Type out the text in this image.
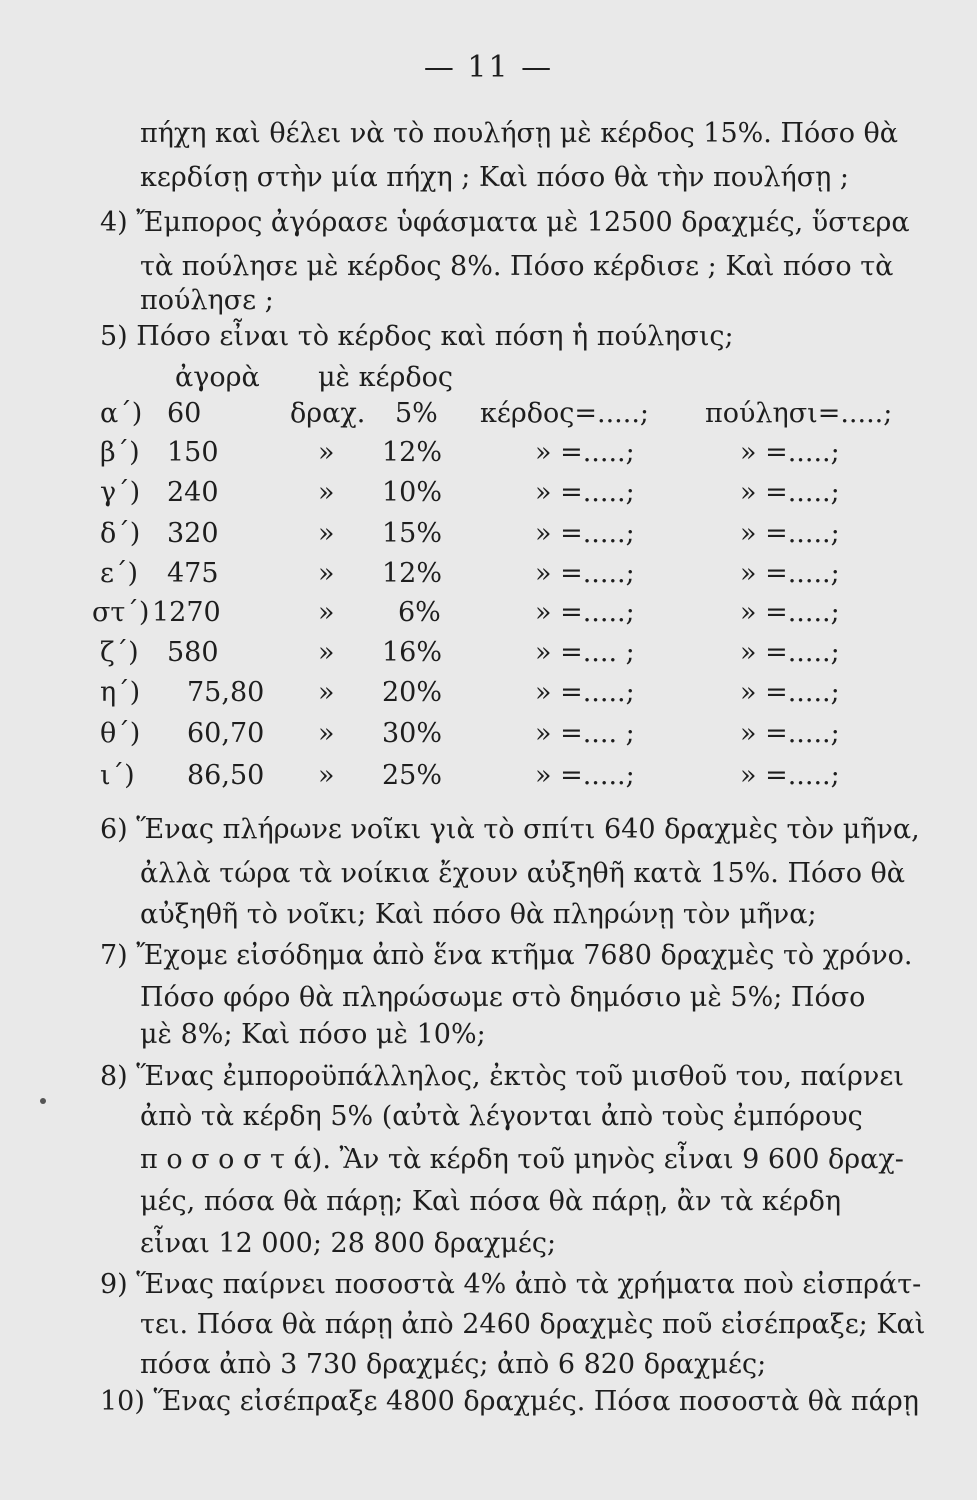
— 11 —
πήχη καὶ θέλει νὰ τὸ πουλήσῃ μὲ κέρδος 15%. Πόσο θὰ
κερδίσῃ στὴν μία πήχη ; Καὶ πόσο θὰ τὴν πουλήσῃ ;
4) Ἔμπορος ἀγόρασε ὑφάσματα μὲ 12500 δραχμές, ὕστερα
τὰ πούλησε μὲ κέρδος 8%. Πόσο κέρδισε ; Καὶ πόσο τὰ
πούλησε ;
5) Πόσο εἶναι τὸ κέρδος καὶ πόση ἡ πούλησις;
ἀγορὰ μὲ κέρδος
α΄) 60	δραχ. 5% κέρδος=.....; πούλησι=.....;
β΄) 150	» 12%	» =.....;	» =.....;
γ΄) 240	» 10%	» =.....;	» =.....;
δ΄) 320	» 15%	» =.....;	» =.....;
ε΄) 475	» 12%	» =.....;	» =.....;
στ΄) 1270	» 6%	» =.....;	» =.....;
ζ΄) 580	» 16%	» =.... ;	» =.....;
η΄) 75,80 » 20%	» =.....;	» =.....;
θ΄) 60,70 » 30%	» =.... ;	» =.....;
ι΄) 86,50 » 25%	» =.....;	» =.....;
6) Ἕνας πλήρωνε νοῖκι γιὰ τὸ σπίτι 640 δραχμὲς τὸν μῆνα,
ἀλλὰ τώρα τὰ νοίκια ἔχουν αὐξηθῆ κατὰ 15%. Πόσο θὰ
αὐξηθῆ τὸ νοῖκι; Καὶ πόσο θὰ πληρώνῃ τὸν μῆνα;
7) Ἔχομε εἰσόδημα ἀπὸ ἕνα κτῆμα 7680 δραχμὲς τὸ χρόνο.
Πόσο φόρο θὰ πληρώσωμε στὸ δημόσιο μὲ 5%; Πόσο
μὲ 8%; Καὶ πόσο μὲ 10%;
8) Ἕνας ἐμποροϋπάλληλος, ἐκτὸς τοῦ μισθοῦ του, παίρνει
ἀπὸ τὰ κέρδη 5% (αὐτὰ λέγονται ἀπὸ τοὺς ἐμπόρους
π ο σ ο σ τ ά). Ἂν τὰ κέρδη τοῦ μηνὸς εἶναι 9 600 δραχ-
μές, πόσα θὰ πάρῃ; Καὶ πόσα θὰ πάρῃ, ἂν τὰ κέρδη
εἶναι 12 000; 28 800 δραχμές;
9) Ἕνας παίρνει ποσοστὰ 4% ἀπὸ τὰ χρήματα ποὺ εἰσπράτ-
τει. Πόσα θὰ πάρῃ ἀπὸ 2460 δραχμὲς ποῦ εἰσέπραξε; Καὶ
πόσα ἀπὸ 3 730 δραχμές; ἀπὸ 6 820 δραχμές;
10) Ἕνας εἰσέπραξε 4800 δραχμές. Πόσα ποσοστὰ θὰ πάρῃ
